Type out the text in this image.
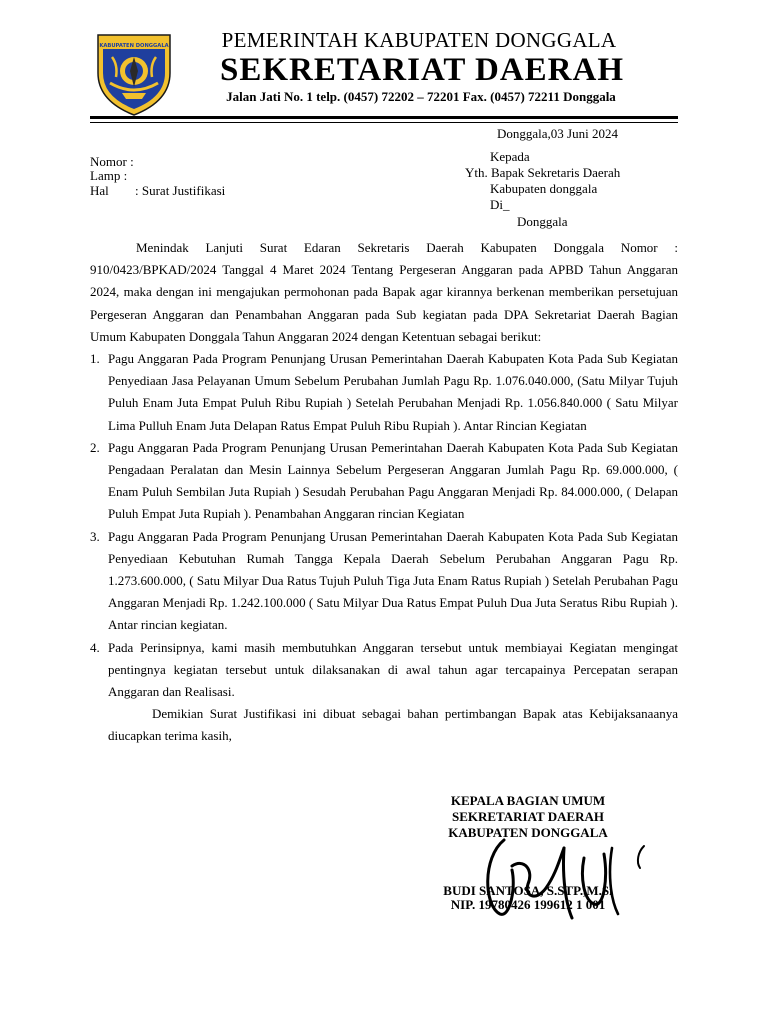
KABUPATEN DONGGALA	PEMERINTAH KABUPATEN DONGGALA
SEKRETARIAT DAERAH
Jalan Jati No. 1 telp. (0457) 72202 – 72201 Fax. (0457) 72211 Donggala
Donggala,03 Juni 2024
Kepada
Yth. Bapak Sekretaris Daerah
Kabupaten donggala
Di_
Donggala
Nomor :
Lamp :
Hal : Surat Justifikasi

Menindak Lanjuti Surat Edaran Sekretaris Daerah Kabupaten Donggala Nomor : 910/0423/BPKAD/2024 Tanggal 4 Maret 2024 Tentang Pergeseran Anggaran pada APBD Tahun Anggaran 2024, maka dengan ini mengajukan permohonan pada Bapak agar kirannya berkenan memberikan persetujuan Pergeseran Anggaran dan Penambahan Anggaran pada Sub kegiatan pada DPA Sekretariat Daerah Bagian Umum Kabupaten Donggala Tahun Anggaran 2024 dengan Ketentuan sebagai berikut:

1. Pagu Anggaran Pada Program Penunjang Urusan Pemerintahan Daerah Kabupaten Kota Pada Sub Kegiatan Penyediaan Jasa Pelayanan Umum Sebelum Perubahan Jumlah Pagu Rp. 1.076.040.000, (Satu Milyar Tujuh Puluh Enam Juta Empat Puluh Ribu Rupiah ) Setelah Perubahan Menjadi Rp. 1.056.840.000 ( Satu Milyar Lima Pulluh Enam Juta Delapan Ratus Empat Puluh Ribu Rupiah ). Antar Rincian Kegiatan
2. Pagu Anggaran Pada Program Penunjang Urusan Pemerintahan Daerah Kabupaten Kota Pada Sub Kegiatan Pengadaan Peralatan dan Mesin Lainnya Sebelum Pergeseran Anggaran Jumlah Pagu Rp. 69.000.000, ( Enam Puluh Sembilan Juta Rupiah ) Sesudah Perubahan Pagu Anggaran Menjadi Rp. 84.000.000, ( Delapan Puluh Empat Juta Rupiah ). Penambahan Anggaran rincian Kegiatan
3. Pagu Anggaran Pada Program Penunjang Urusan Pemerintahan Daerah Kabupaten Kota Pada Sub Kegiatan Penyediaan Kebutuhan Rumah Tangga Kepala Daerah Sebelum Perubahan Anggaran Pagu Rp. 1.273.600.000, ( Satu Milyar Dua Ratus Tujuh Puluh Tiga Juta Enam Ratus Rupiah ) Setelah Perubahan Pagu Anggaran Menjadi Rp. 1.242.100.000 ( Satu Milyar Dua Ratus Empat Puluh Dua Juta Seratus Ribu Rupiah ). Antar rincian kegiatan.
4. Pada Perinsipnya, kami masih membutuhkan Anggaran tersebut untuk membiayai Kegiatan mengingat pentingnya kegiatan tersebut untuk dilaksanakan di awal tahun agar tercapainya Percepatan serapan Anggaran dan Realisasi.

Demikian Surat Justifikasi ini dibuat sebagai bahan pertimbangan Bapak atas Kebijaksanaanya diucapkan terima kasih,

KEPALA BAGIAN UMUM
SEKRETARIAT DAERAH
KABUPATEN DONGGALA
BUDI SANTOSA, S.STP.,M.Si
NIP. 19780426 199612 1 001
